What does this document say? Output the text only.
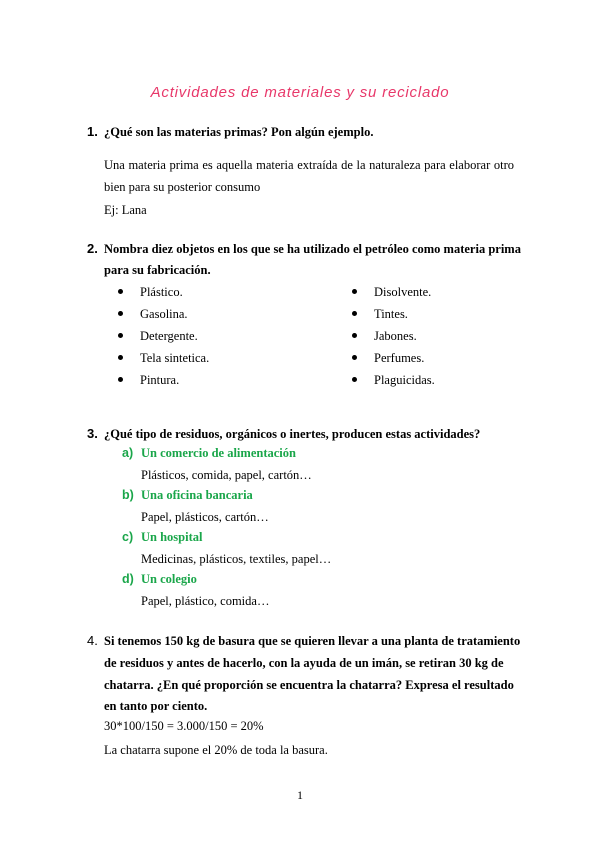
Actividades de materiales y su reciclado
1. ¿Qué son las materias primas? Pon algún ejemplo.
Una materia prima es aquella materia extraída de la naturaleza para elaborar otro bien para su posterior consumo
Ej: Lana
2. Nombra diez objetos en los que se ha utilizado el petróleo como materia prima
para su fabricación.
Plástico.
Gasolina.
Detergente.
Tela sintetica.
Pintura.
Disolvente.
Tintes.
Jabones.
Perfumes.
Plaguicidas.
3. ¿Qué tipo de residuos, orgánicos o inertes, producen estas actividades?
a) Un comercio de alimentación
Plásticos, comida, papel, cartón…
b) Una oficina bancaria
Papel, plásticos, cartón…
c) Un hospital
Medicinas, plásticos, textiles, papel…
d) Un colegio
Papel, plástico, comida…
4. Si tenemos 150 kg de basura que se quieren llevar a una planta de tratamiento
de residuos y antes de hacerlo, con la ayuda de un imán, se retiran 30 kg de
chatarra. ¿En qué proporción se encuentra la chatarra? Expresa el resultado
en tanto por ciento.
30*100/150 = 3.000/150 = 20%
La chatarra supone el 20% de toda la basura.
1
